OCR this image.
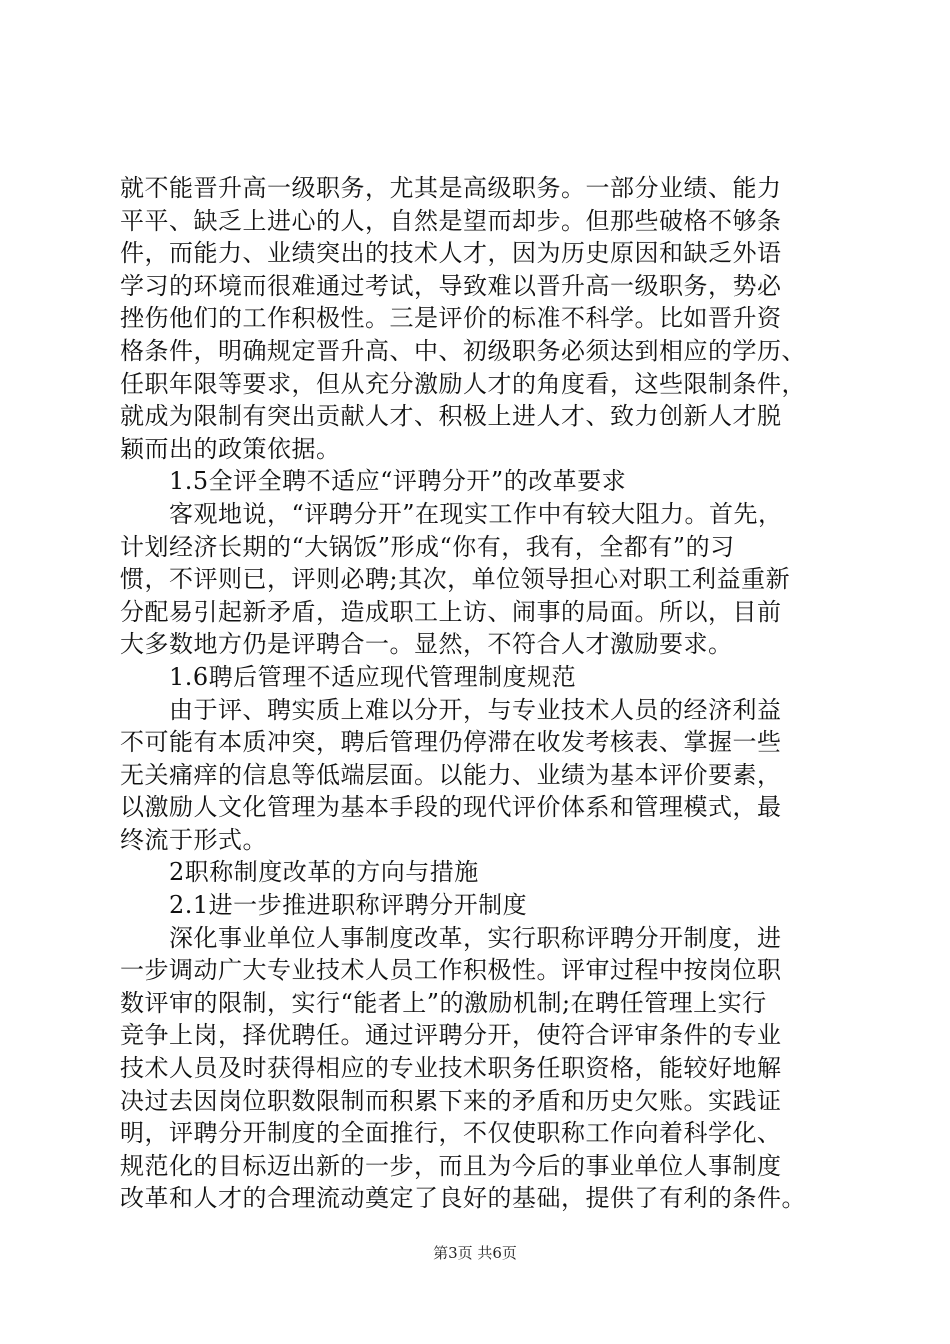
就不能晋升高一级职务，尤其是高级职务。一部分业绩、能力
平平、缺乏上进心的人，自然是望而却步。但那些破格不够条
件，而能力、业绩突出的技术人才，因为历史原因和缺乏外语
学习的环境而很难通过考试，导致难以晋升高一级职务，势必
挫伤他们的工作积极性。三是评价的标准不科学。比如晋升资
格条件，明确规定晋升高、中、初级职务必须达到相应的学历、
任职年限等要求，但从充分激励人才的角度看，这些限制条件，
就成为限制有突出贡献人才、积极上进人才、致力创新人才脱
颖而出的政策依据。
　　1.5全评全聘不适应“评聘分开”的改革要求
　　客观地说，“评聘分开”在现实工作中有较大阻力。首先，
计划经济长期的“大锅饭”形成“你有，我有，全都有”的习
惯，不评则已，评则必聘;其次，单位领导担心对职工利益重新
分配易引起新矛盾，造成职工上访、闹事的局面。所以，目前
大多数地方仍是评聘合一。显然，不符合人才激励要求。
　　1.6聘后管理不适应现代管理制度规范
　　由于评、聘实质上难以分开，与专业技术人员的经济利益
不可能有本质冲突，聘后管理仍停滞在收发考核表、掌握一些
无关痛痒的信息等低端层面。以能力、业绩为基本评价要素，
以激励人文化管理为基本手段的现代评价体系和管理模式，最
终流于形式。
　　2职称制度改革的方向与措施
　　2.1进一步推进职称评聘分开制度
　　深化事业单位人事制度改革，实行职称评聘分开制度，进
一步调动广大专业技术人员工作积极性。评审过程中按岗位职
数评审的限制，实行“能者上”的激励机制;在聘任管理上实行
竞争上岗，择优聘任。通过评聘分开，使符合评审条件的专业
技术人员及时获得相应的专业技术职务任职资格，能较好地解
决过去因岗位职数限制而积累下来的矛盾和历史欠账。实践证
明，评聘分开制度的全面推行，不仅使职称工作向着科学化、
规范化的目标迈出新的一步，而且为今后的事业单位人事制度
改革和人才的合理流动奠定了良好的基础，提供了有利的条件。
第3页 共6页
